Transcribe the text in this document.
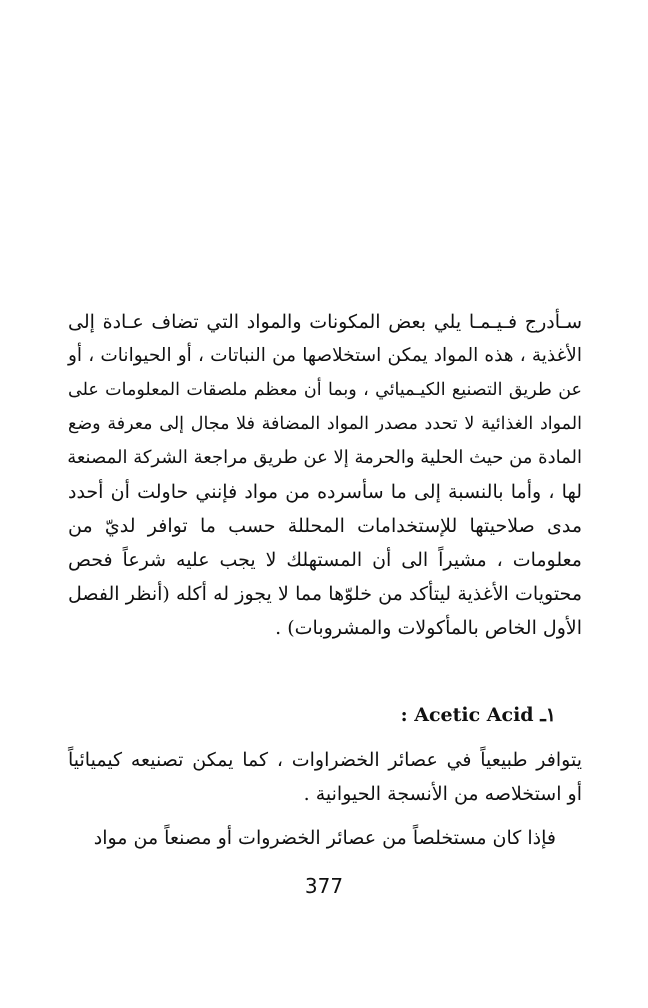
سـأدرج فـيـمـا يلي بعض المكونات والمواد التي تضاف عـادة إلى
الأغذية ، هذه المواد يمكن استخلاصها من النباتات ، أو الحيوانات ، أو
عن طريق التصنيع الكيـميائي ، وبما أن معظم ملصقات المعلومات على
المواد الغذائية لا تحدد مصدر المواد المضافة فلا مجال إلى معرفة وضع
المادة من حيث الحلية والحرمة إلا عن طريق مراجعة الشركة المصنعة
لها ، وأما بالنسبة إلى ما سأسرده من مواد فإنني حاولت أن أحدد
مدى صلاحيتها للإستخدامات المحللة حسب ما توافر لديّ من
معلومات ، مشيراً الى أن المستهلك لا يجب عليه شرعاً فحص
محتويات الأغذية ليتأكد من خلوّها مما لا يجوز له أكله (أنظر الفصل
الأول الخاص بالمأكولات والمشروبات) .
١ـ Acetic Acid :
يتوافر طبيعياً في عصائر الخضراوات ، كما يمكن تصنيعه كيميائياً
أو استخلاصه من الأنسجة الحيوانية .
فإذا كان مستخلصاً من عصائر الخضروات أو مصنعاً من مواد
377
